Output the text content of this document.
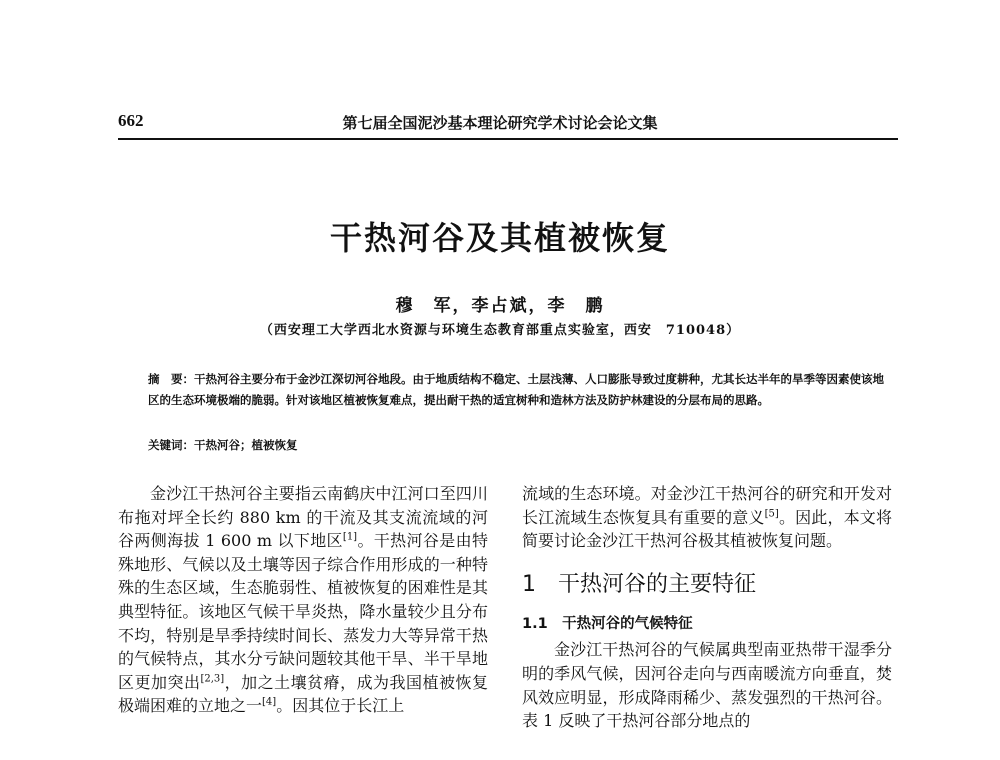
662	第七届全国泥沙基本理论研究学术讨论会论文集
干热河谷及其植被恢复
穆　军，李占斌，李　鹏
（西安理工大学西北水资源与环境生态教育部重点实验室，西安　710048）

摘　要：干热河谷主要分布于金沙江深切河谷地段。由于地质结构不稳定、土层浅薄、人口膨胀导致过度耕种，尤其长达半年的旱季等因素使该地区的生态环境极端的脆弱。针对该地区植被恢复难点，提出耐干热的适宜树种和造林方法及防护林建设的分层布局的思路。

关键词：干热河谷；植被恢复

金沙江干热河谷主要指云南鹤庆中江河口至四川布拖对坪全长约 880 km 的干流及其支流流域的河谷两侧海拔 1 600 m 以下地区[1]。干热河谷是由特殊地形、气候以及土壤等因子综合作用形成的一种特殊的生态区域，生态脆弱性、植被恢复的困难性是其典型特征。该地区气候干旱炎热，降水量较少且分布不均，特别是旱季持续时间长、蒸发力大等异常干热的气候特点，其水分亏缺问题较其他干旱、半干旱地区更加突出[2,3]，加之土壤贫瘠，成为我国植被恢复极端困难的立地之一[4]。因其位于长江上

流域的生态环境。对金沙江干热河谷的研究和开发对长江流域生态恢复具有重要的意义[5]。因此，本文将简要讨论金沙江干热河谷极其植被恢复问题。

1　干热河谷的主要特征
1.1　干热河谷的气候特征

金沙江干热河谷的气候属典型南亚热带干湿季分明的季风气候，因河谷走向与西南暖流方向垂直，焚风效应明显，形成降雨稀少、蒸发强烈的干热河谷。表 1 反映了干热河谷部分地点的
